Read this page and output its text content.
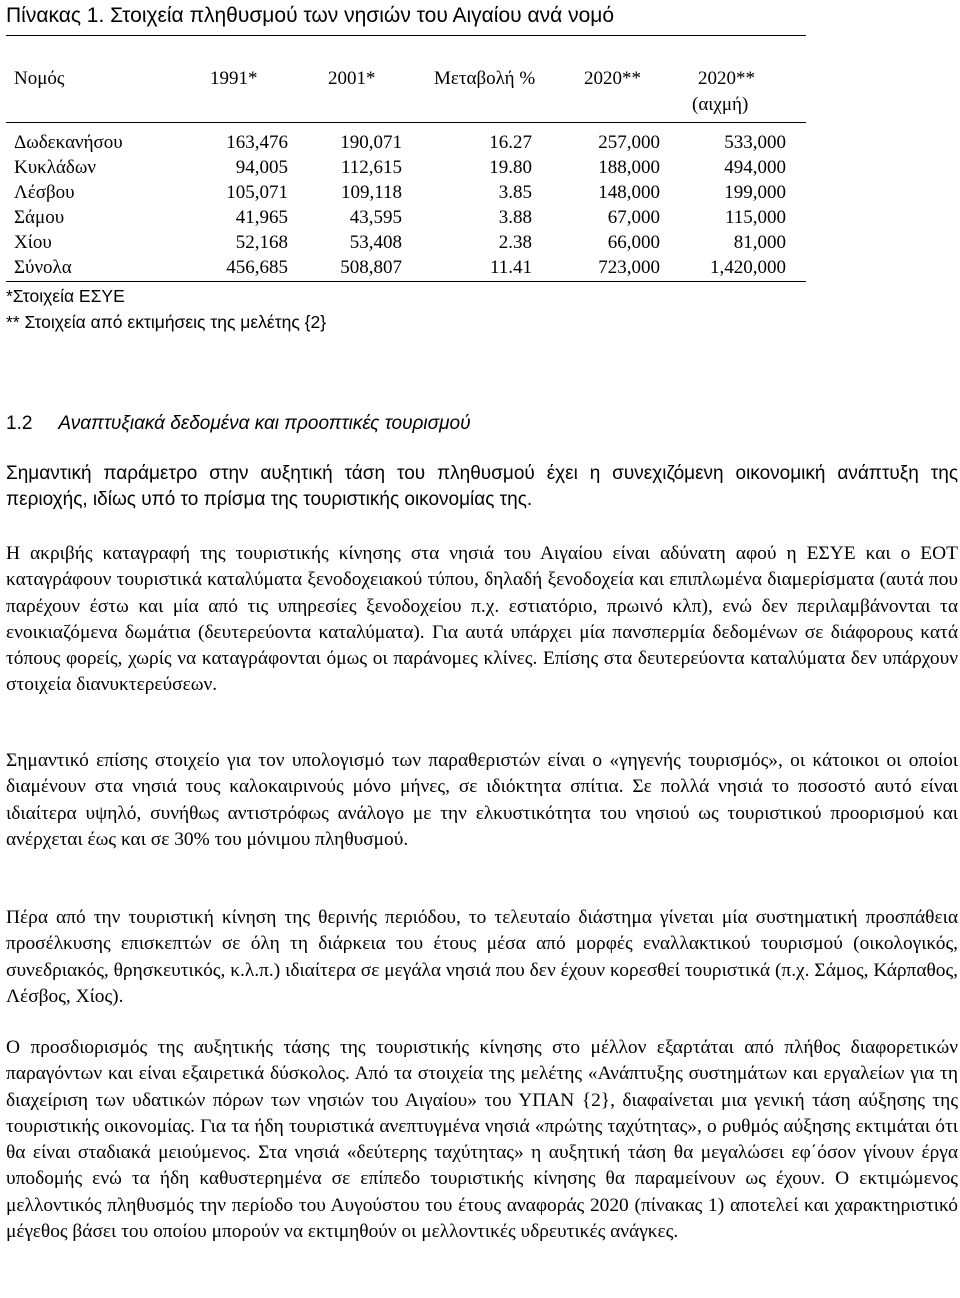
Πίνακας 1. Στοιχεία πληθυσμού των νησιών του Αιγαίου ανά νομό
Νομός	1991*	2001*	Μεταβολή %	2020**	2020**
(αιχμή)
Δωδεκανήσου	163,476	190,071	16.27	257,000	533,000
Κυκλάδων	94,005	112,615	19.80	188,000	494,000
Λέσβου	105,071	109,118	3.85	148,000	199,000
Σάμου	41,965	43,595	3.88	67,000	115,000
Χίου	52,168	53,408	2.38	66,000	81,000
Σύνολα	456,685	508,807	11.41	723,000	1,420,000
*Στοιχεία ΕΣΥΕ
** Στοιχεία από εκτιμήσεις της μελέτης {2}
1.2 Αναπτυξιακά δεδομένα και προοπτικές τουρισμού
Σημαντική παράμετρο στην αυξητική τάση του πληθυσμού έχει η συνεχιζόμενη οικονομική ανάπτυξη της περιοχής, ιδίως υπό το πρίσμα της τουριστικής οικονομίας της.
Η ακριβής καταγραφή της τουριστικής κίνησης στα νησιά του Αιγαίου είναι αδύνατη αφού η ΕΣΥΕ και ο ΕΟΤ καταγράφουν τουριστικά καταλύματα ξενοδοχειακού τύπου, δηλαδή ξενοδοχεία και επιπλωμένα διαμερίσματα (αυτά που παρέχουν έστω και μία από τις υπηρεσίες ξενοδοχείου π.χ. εστιατόριο, πρωινό κλπ), ενώ δεν περιλαμβάνονται τα ενοικιαζόμενα δωμάτια (δευτερεύοντα καταλύματα). Για αυτά υπάρχει μία πανσπερμία δεδομένων σε διάφορους κατά τόπους φορείς, χωρίς να καταγράφονται όμως οι παράνομες κλίνες. Επίσης στα δευτερεύοντα καταλύματα δεν υπάρχουν στοιχεία διανυκτερεύσεων.
Σημαντικό επίσης στοιχείο για τον υπολογισμό των παραθεριστών είναι ο «γηγενής τουρισμός», οι κάτοικοι οι οποίοι διαμένουν στα νησιά τους καλοκαιρινούς μόνο μήνες, σε ιδιόκτητα σπίτια. Σε πολλά νησιά το ποσοστό αυτό είναι ιδιαίτερα υψηλό, συνήθως αντιστρόφως ανάλογο με την ελκυστικότητα του νησιού ως τουριστικού προορισμού και ανέρχεται έως και σε 30% του μόνιμου πληθυσμού.
Πέρα από την τουριστική κίνηση της θερινής περιόδου, το τελευταίο διάστημα γίνεται μία συστηματική προσπάθεια προσέλκυσης επισκεπτών σε όλη τη διάρκεια του έτους μέσα από μορφές εναλλακτικού τουρισμού (οικολογικός, συνεδριακός, θρησκευτικός, κ.λ.π.) ιδιαίτερα σε μεγάλα νησιά που δεν έχουν κορεσθεί τουριστικά (π.χ. Σάμος, Κάρπαθος, Λέσβος, Χίος).
Ο προσδιορισμός της αυξητικής τάσης της τουριστικής κίνησης στο μέλλον εξαρτάται από πλήθος διαφορετικών παραγόντων και είναι εξαιρετικά δύσκολος. Από τα στοιχεία της μελέτης «Ανάπτυξης συστημάτων και εργαλείων για τη διαχείριση των υδατικών πόρων των νησιών του Αιγαίου» του ΥΠΑΝ {2}, διαφαίνεται μια γενική τάση αύξησης της τουριστικής οικονομίας. Για τα ήδη τουριστικά ανεπτυγμένα νησιά «πρώτης ταχύτητας», ο ρυθμός αύξησης εκτιμάται ότι θα είναι σταδιακά μειούμενος. Στα νησιά «δεύτερης ταχύτητας» η αυξητική τάση θα μεγαλώσει εφ΄όσον γίνουν έργα υποδομής ενώ τα ήδη καθυστερημένα σε επίπεδο τουριστικής κίνησης θα παραμείνουν ως έχουν. Ο εκτιμώμενος μελλοντικός πληθυσμός την περίοδο του Αυγούστου του έτους αναφοράς 2020 (πίνακας 1) αποτελεί και χαρακτηριστικό μέγεθος βάσει του οποίου μπορούν να εκτιμηθούν οι μελλοντικές υδρευτικές ανάγκες.
